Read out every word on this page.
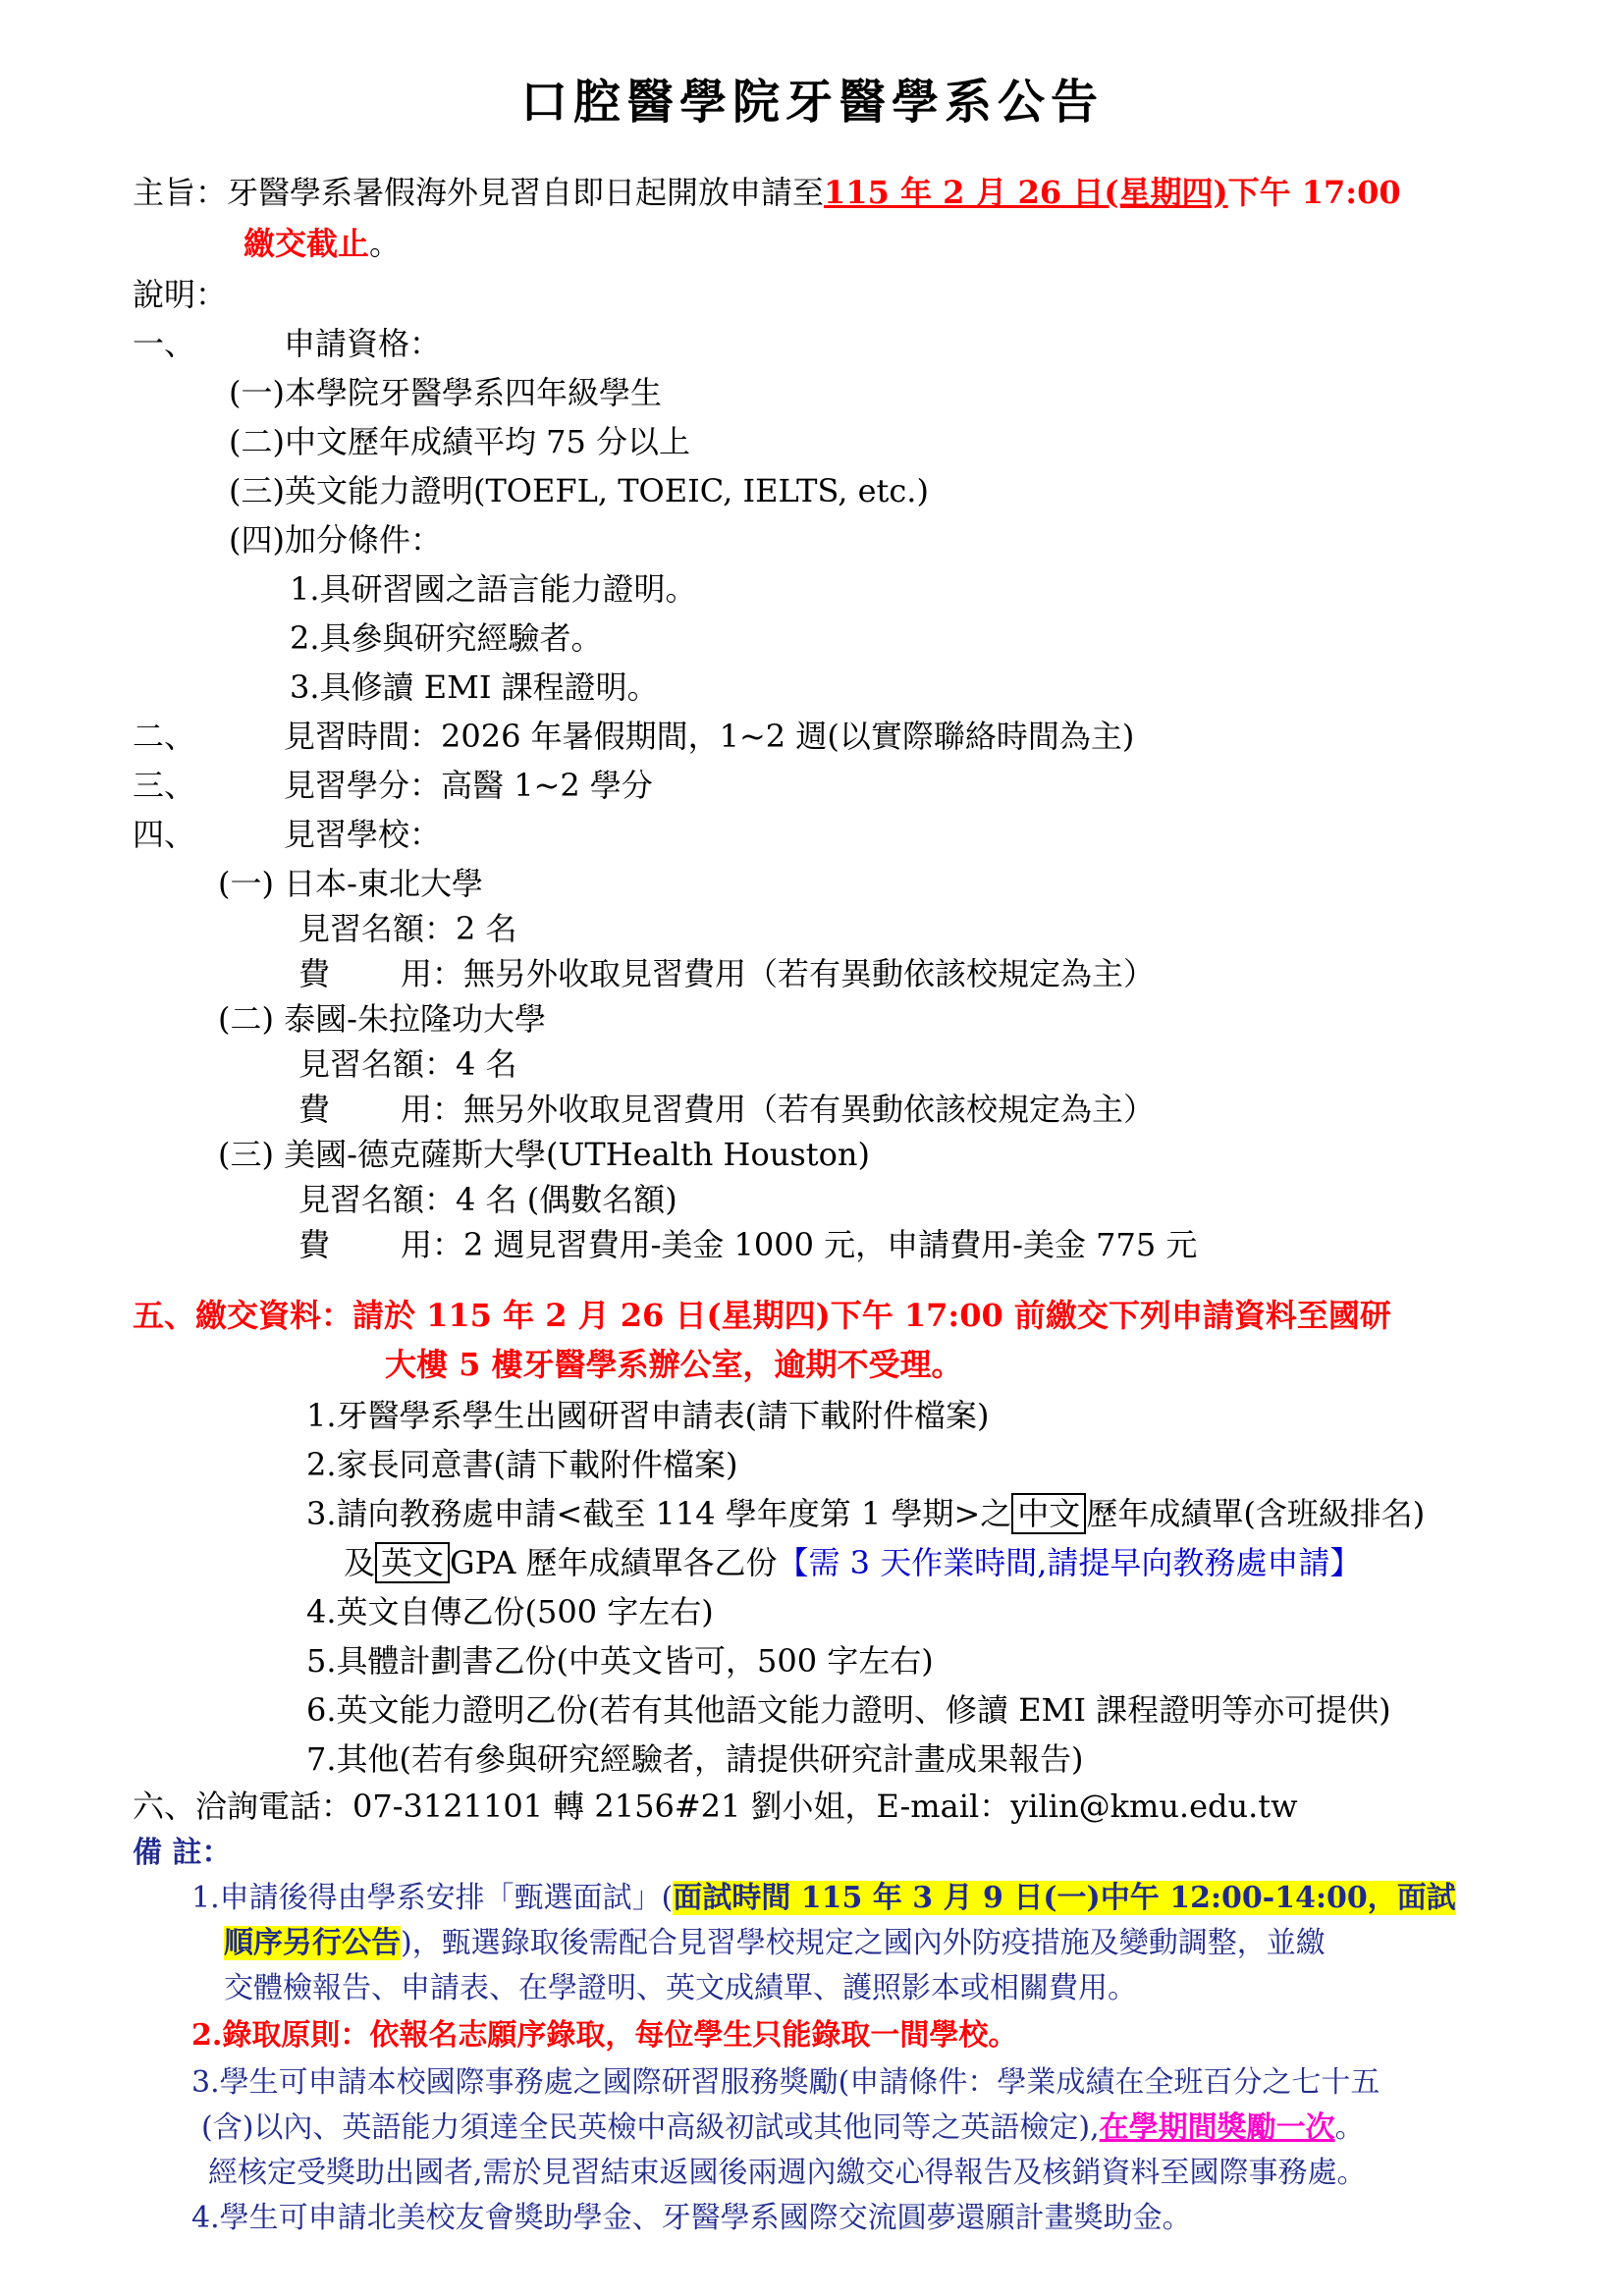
口腔醫學院牙醫學系公告
主旨：牙醫學系暑假海外見習自即日起開放申請至115 年 2 月 26 日(星期四)下午 17:00
繳交截止。
說明：
一、	申請資格：
(一)本學院牙醫學系四年級學生
(二)中文歷年成績平均 75 分以上
(三)英文能力證明(TOEFL, TOEIC, IELTS, etc.)
(四)加分條件：
1.具研習國之語言能力證明。
2.具參與研究經驗者。
3.具修讀 EMI 課程證明。
二、	見習時間：2026 年暑假期間，1~2 週(以實際聯絡時間為主)
三、	見習學分：高醫 1~2 學分
四、	見習學校：
(一) 日本-東北大學
見習名額：2 名
費 用：無另外收取見習費用（若有異動依該校規定為主）
(二) 泰國-朱拉隆功大學
見習名額：4 名
費 用：無另外收取見習費用（若有異動依該校規定為主）
(三) 美國-德克薩斯大學(UTHealth Houston)
見習名額：4 名 (偶數名額)
費 用：2 週見習費用-美金 1000 元，申請費用-美金 775 元
五、繳交資料：請於 115 年 2 月 26 日(星期四)下午 17:00 前繳交下列申請資料至國研
大樓 5 樓牙醫學系辦公室，逾期不受理。
1.牙醫學系學生出國研習申請表(請下載附件檔案)
2.家長同意書(請下載附件檔案)
3.請向教務處申請<截至 114 學年度第 1 學期>之 中文 歷年成績單(含班級排名)
及 英文 GPA 歷年成績單各乙份【需 3 天作業時間,請提早向教務處申請】
4.英文自傳乙份(500 字左右)
5.具體計劃書乙份(中英文皆可，500 字左右)
6.英文能力證明乙份(若有其他語文能力證明、修讀 EMI 課程證明等亦可提供)
7.其他(若有參與研究經驗者，請提供研究計畫成果報告)
六、洽詢電話：07-3121101 轉 2156#21 劉小姐，E-mail：yilin@kmu.edu.tw
備 註：
1.申請後得由學系安排「甄選面試」(面試時間 115 年 3 月 9 日(一)中午 12:00-14:00，面試
順序另行公告)，甄選錄取後需配合見習學校規定之國內外防疫措施及變動調整，並繳
交體檢報告、申請表、在學證明、英文成績單、護照影本或相關費用。
2.錄取原則：依報名志願序錄取，每位學生只能錄取一間學校。
3.學生可申請本校國際事務處之國際研習服務獎勵(申請條件：學業成績在全班百分之七十五
(含)以內、英語能力須達全民英檢中高級初試或其他同等之英語檢定),在學期間獎勵一次。
經核定受獎助出國者,需於見習結束返國後兩週內繳交心得報告及核銷資料至國際事務處。
4.學生可申請北美校友會獎助學金、牙醫學系國際交流圓夢還願計畫獎助金。
